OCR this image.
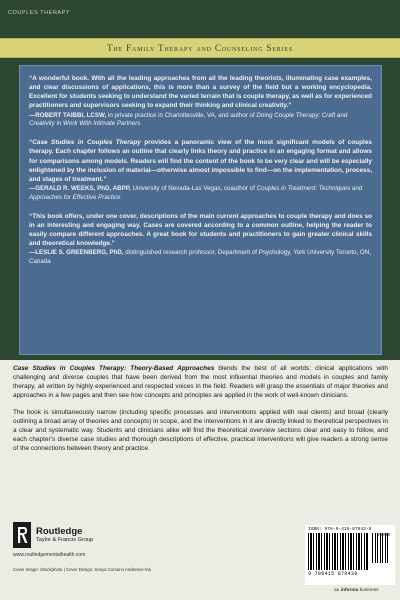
COUPLES THERAPY
The Family Therapy and Counseling Series

“A wonderful book. With all the leading approaches from all the leading theorists, illuminating case examples, and clear discussions of applications, this is more than a survey of the field but a working encyclopedia. Excellent for students seeking to understand the varied terrain that is couple therapy, as well as for experienced practitioners and supervisors seeking to expand their thinking and clinical creativity.”

—ROBERT TAIBBI, LCSW, in private practice in Charlottesville, VA, and author of Doing Couple Therapy: Craft and Creativity in Work With Intimate Partners

“Case Studies in Couples Therapy provides a panoramic view of the most significant models of couples therapy. Each chapter follows an outline that clearly links theory and practice in an engaging format and allows for comparisons among models. Readers will find the content of the book to be very clear and will be especially enlightened by the inclusion of material—otherwise almost impossible to find—on the implementation, process, and stages of treatment.”

—GERALD R. WEEKS, PhD, ABPP, University of Nevada-Las Vegas, coauthor of Couples in Treatment: Techniques and Approaches for Effective Practice

“This book offers, under one cover, descriptions of the main current approaches to couple therapy and does so in an interesting and engaging way. Cases are covered according to a common outline, helping the reader to easily compare different approaches. A great book for students and practitioners to gain greater clinical skills and theoretical knowledge.”

—LESLIE S. GREENBERG, PhD, distinguished research professor, Department of Psychology, York University Toronto, ON, Canada

Case Studies in Couples Therapy: Theory-Based Approaches blends the best of all worlds: clinical applications with challenging and diverse couples that have been derived from the most influential theories and models in couples and family therapy, all written by highly experienced and respected voices in the field. Readers will grasp the essentials of major theories and approaches in a few pages and then see how concepts and principles are applied in the work of well-known clinicians.

The book is simultaneously narrow (including specific processes and interventions applied with real clients) and broad (clearly outlining a broad array of theories and concepts) in scope, and the interventions in it are directly linked to theoretical perspectives in a clear and systematic way. Students and clinicians alike will find the theoretical overview sections clear and easy to follow, and each chapter’s diverse case studies and thorough descriptions of effective, practical interventions will give readers a strong sense of the connections between theory and practice.

Routledge
Taylor & Francis Group
www.routledgementalhealth.com
Cover Image: iStockphoto | Cover Design: Sonya Corsano Andersen-Via
ISBN: 978-0-415-87943-9
90000
9 780415 879439
an informa business
